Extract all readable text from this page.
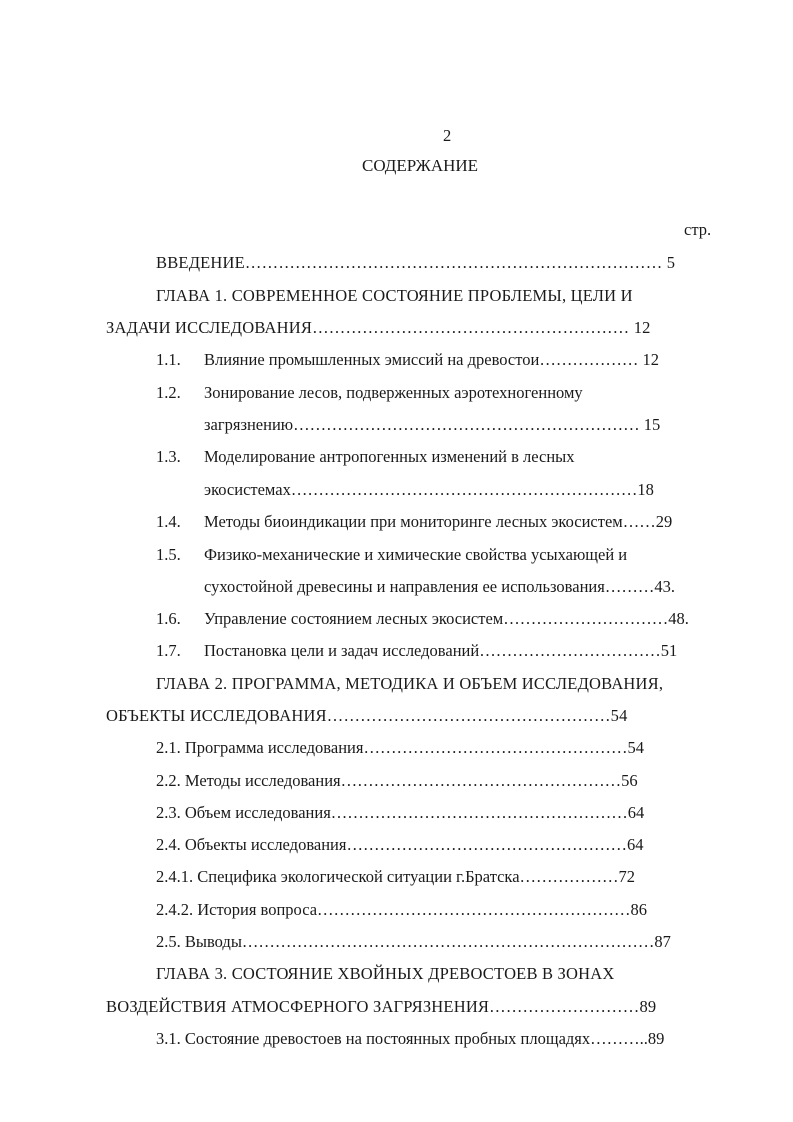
2
СОДЕРЖАНИЕ
стр.
ВВЕДЕНИЕ………………………………………………………………… 5
ГЛАВА 1. СОВРЕМЕННОЕ СОСТОЯНИЕ ПРОБЛЕМЫ, ЦЕЛИ И
ЗАДАЧИ ИССЛЕДОВАНИЯ………………………………………………… 12
1.1. Влияние промышленных эмиссий на древостои……………… 12
1.2. Зонирование лесов, подверженных аэротехногенному
загрязнению……………………………………………………… 15
1.3. Моделирование антропогенных изменений в лесных
экосистемах………………………………………………………18
1.4. Методы биоиндикации при мониторинге лесных экосистем……29
1.5. Физико-механические и химические свойства усыхающей и
сухостойной древесины и направления ее использования………43.
1.6. Управление состоянием лесных экосистем…………………………48.
1.7. Постановка цели и задач исследований……………………………51
ГЛАВА 2. ПРОГРАММА, МЕТОДИКА И ОБЪЕМ ИССЛЕДОВАНИЯ,
ОБЪЕКТЫ ИССЛЕДОВАНИЯ……………………………………………54
2.1. Программа исследования…………………………………………54
2.2. Методы исследования……………………………………………56
2.3. Объем исследования………………………………………………64
2.4. Объекты исследования……………………………………………64
2.4.1. Специфика экологической ситуации г.Братска………………72
2.4.2. История вопроса…………………………………………………86
2.5. Выводы…………………………………………………………………87
ГЛАВА 3. СОСТОЯНИЕ ХВОЙНЫХ ДРЕВОСТОЕВ В ЗОНАХ
ВОЗДЕЙСТВИЯ АТМОСФЕРНОГО ЗАГРЯЗНЕНИЯ………………………89
3.1. Состояние древостоев на постоянных пробных площадях………..89
